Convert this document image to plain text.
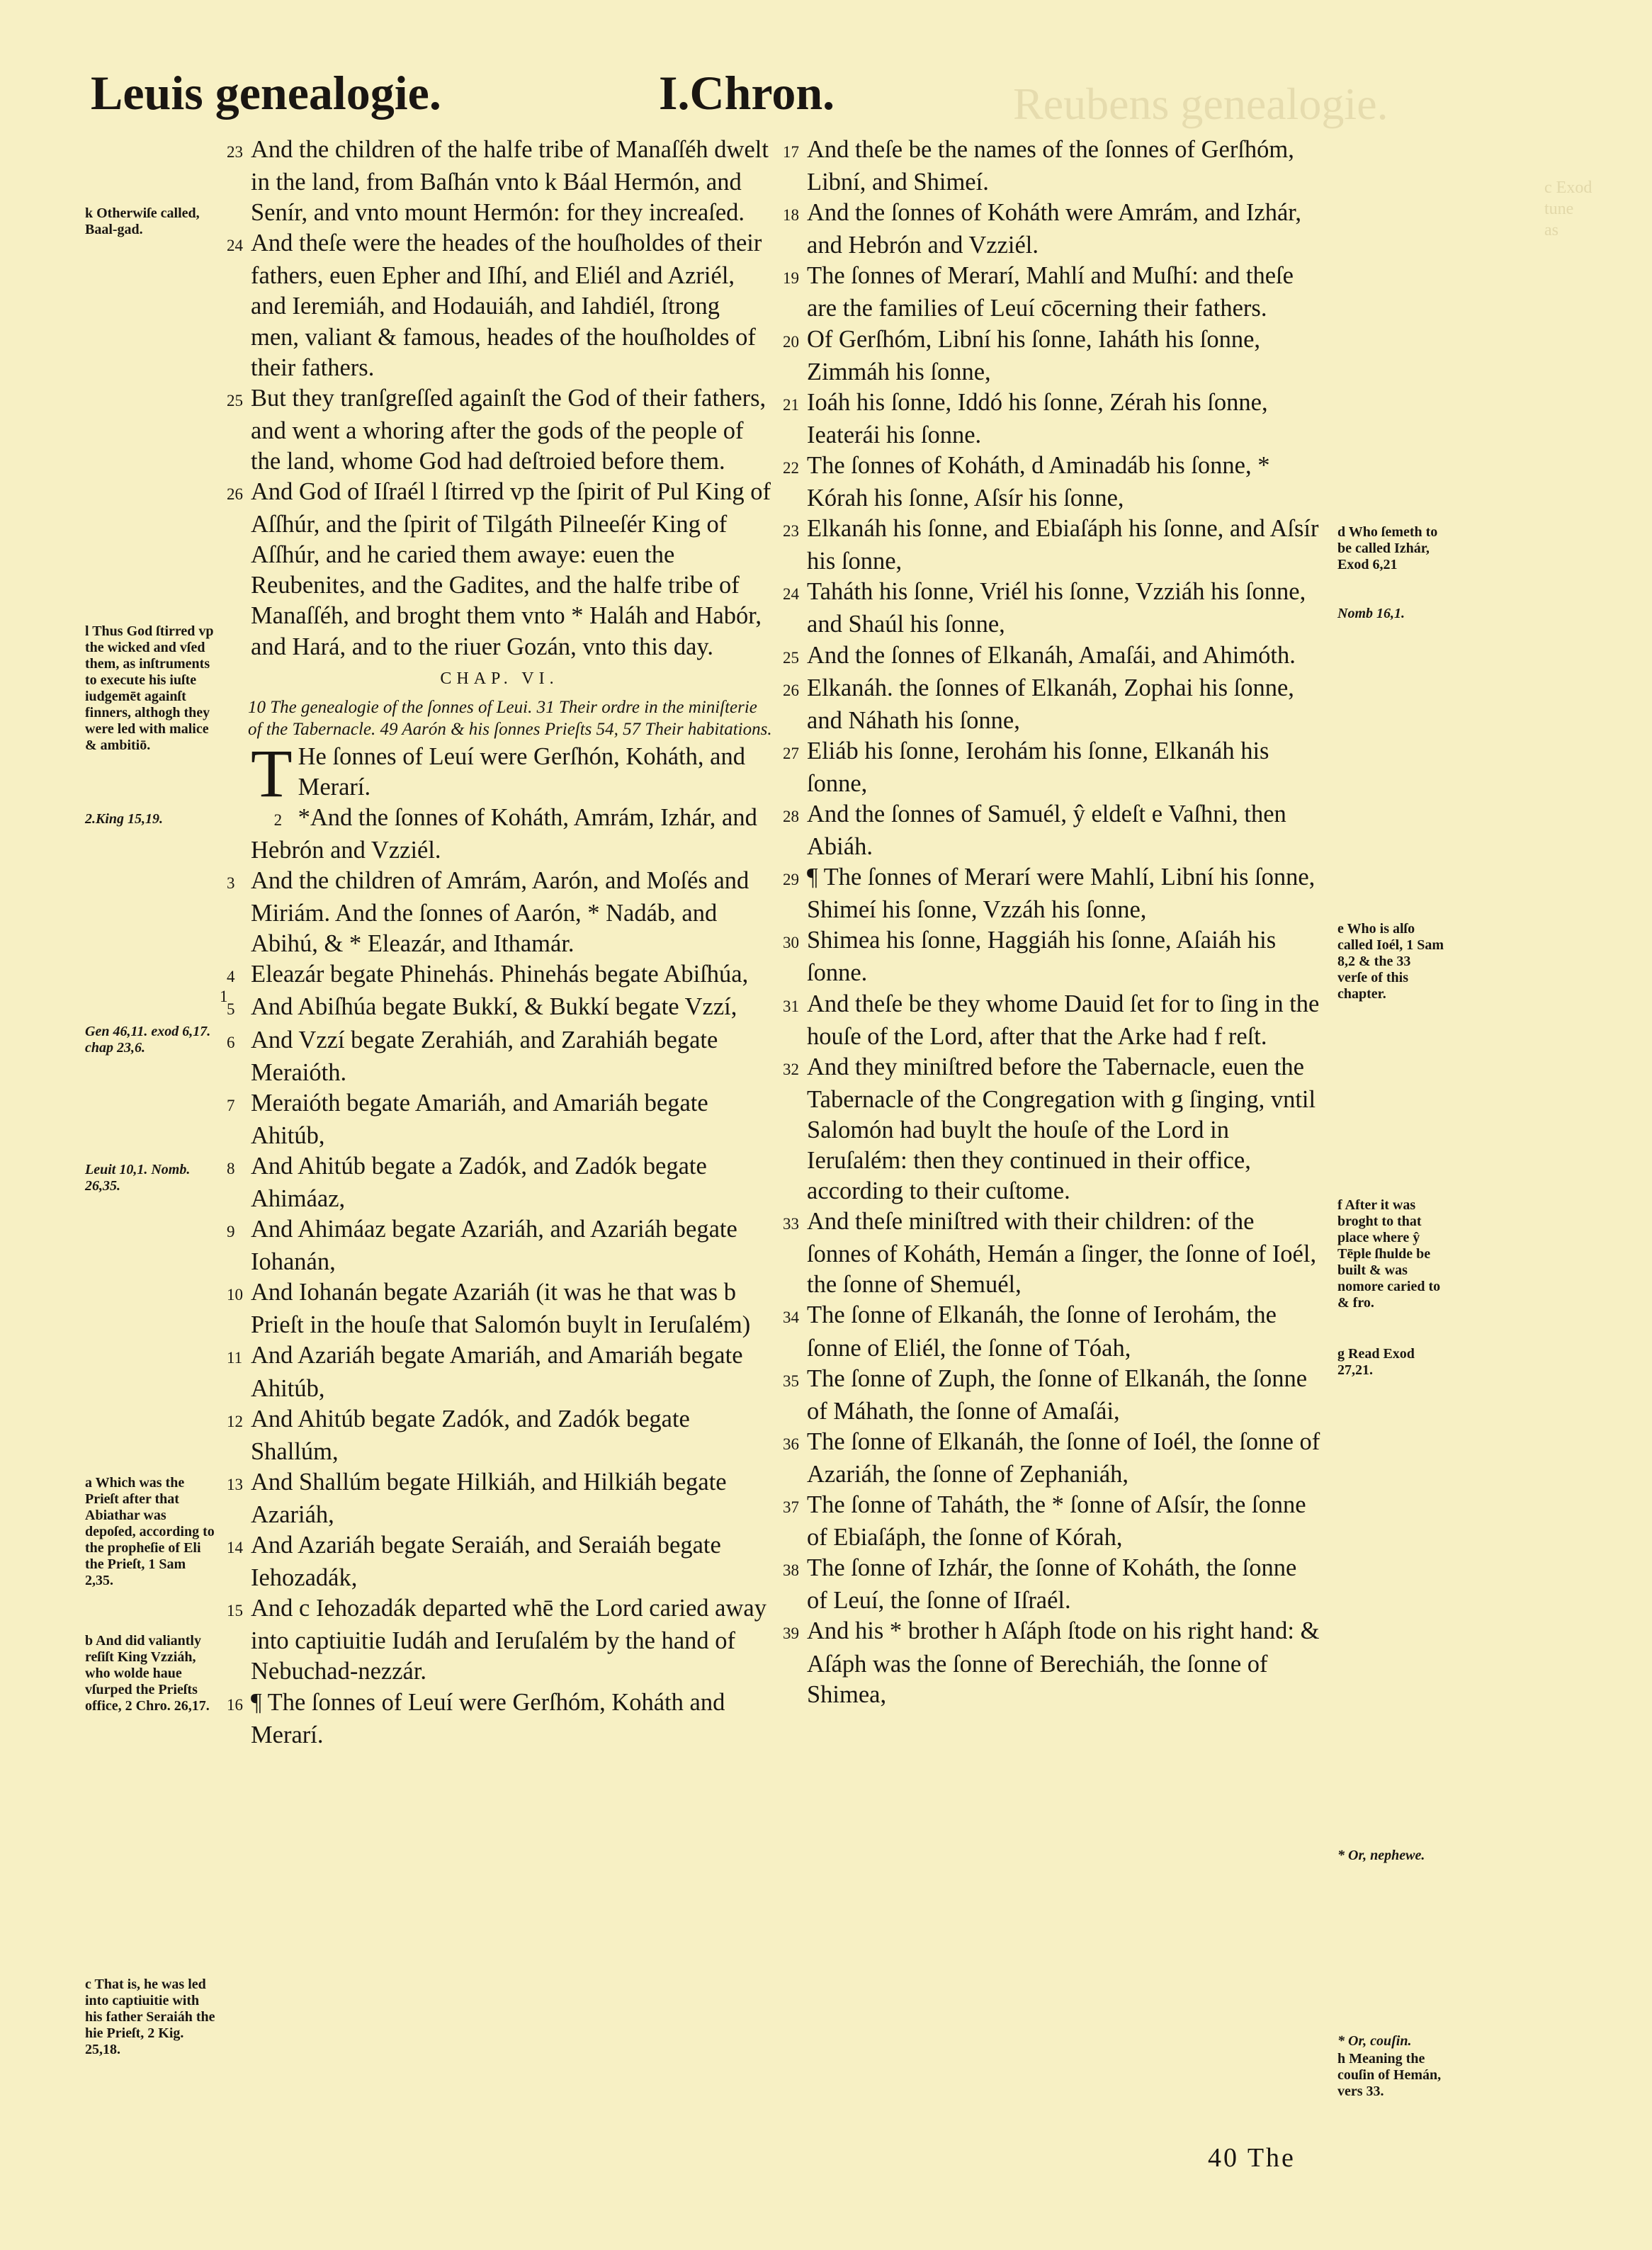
Reubens genealogie.
c Exod
tune
as
Leuis genealogie.	I.Chron.

23 And the children of the halfe tribe of Manaſſéh dwelt in the land, from Baſhán vnto k Báal Hermón, and Senír, and vnto mount Hermón: for they increaſed.

24 And theſe were the heades of the houſholdes of their fathers, euen Epher and Iſhí, and Eliél and Azriél, and Ieremiáh, and Hodauiáh, and Iahdiél, ſtrong men, valiant & famous, heades of the houſholdes of their fathers.

25 But they tranſgreſſed againſt the God of their fathers, and went a whoring after the gods of the people of the land, whome God had deſtroied before them.

26 And God of Iſraél l ſtirred vp the ſpirit of Pul King of Aſſhúr, and the ſpirit of Tilgáth Pilneeſér King of Aſſhúr, and he caried them awaye: euen the Reubenites, and the Gadites, and the halfe tribe of Manaſſéh, and broght them vnto * Haláh and Habór, and Hará, and to the riuer Gozán, vnto this day.

CHAP. VI.

10 The genealogie of the ſonnes of Leui. 31 Their ordre in the miniſterie of the Tabernacle. 49 Aarón & his ſonnes Prieſts 54, 57 Their habitations.

T He ſonnes of Leuí were Gerſhón, Koháth, and Merarí.

1

2 *And the ſonnes of Koháth, Amrám, Izhár, and Hebrón and Vzziél.

3 And the children of Amrám, Aarón, and Moſés and Miriám. And the ſonnes of Aarón, * Nadáb, and Abihú, & * Eleazár, and Ithamár.

4 Eleazár begate Phinehás. Phinehás begate Abiſhúa,

5 And Abiſhúa begate Bukkí, & Bukkí begate Vzzí,

6 And Vzzí begate Zerahiáh, and Zarahiáh begate Meraióth.

7 Meraióth begate Amariáh, and Amariáh begate Ahitúb,

8 And Ahitúb begate a Zadók, and Zadók begate Ahimáaz,

9 And Ahimáaz begate Azariáh, and Azariáh begate Iohanán,

10 And Iohanán begate Azariáh (it was he that was b Prieſt in the houſe that Salomón buylt in Ieruſalém)

11 And Azariáh begate Amariáh, and Amariáh begate Ahitúb,

12 And Ahitúb begate Zadók, and Zadók begate Shallúm,

13 And Shallúm begate Hilkiáh, and Hilkiáh begate Azariáh,

14 And Azariáh begate Seraiáh, and Seraiáh begate Iehozadák,

15 And c Iehozadák departed whē the Lord caried away into captiuitie Iudáh and Ieruſalém by the hand of Nebuchad-nezzár.

16 ¶ The ſonnes of Leuí were Gerſhóm, Koháth and Merarí.

17 And theſe be the names of the ſonnes of Gerſhóm, Libní, and Shimeí.

18 And the ſonnes of Koháth were Amrám, and Izhár, and Hebrón and Vzziél.

19 The ſonnes of Merarí, Mahlí and Muſhí: and theſe are the families of Leuí cōcerning their fathers.

20 Of Gerſhóm, Libní his ſonne, Iaháth his ſonne, Zimmáh his ſonne,

21 Ioáh his ſonne, Iddó his ſonne, Zérah his ſonne, Ieaterái his ſonne.

22 The ſonnes of Koháth, d Aminadáb his ſonne, * Kórah his ſonne, Aſsír his ſonne,

23 Elkanáh his ſonne, and Ebiaſáph his ſonne, and Aſsír his ſonne,

24 Taháth his ſonne, Vriél his ſonne, Vzziáh his ſonne, and Shaúl his ſonne,

25 And the ſonnes of Elkanáh, Amaſái, and Ahimóth.

26 Elkanáh. the ſonnes of Elkanáh, Zophai his ſonne, and Náhath his ſonne,

27 Eliáb his ſonne, Ierohám his ſonne, Elkanáh his ſonne,

28 And the ſonnes of Samuél, ŷ eldeſt e Vaſhni, then Abiáh.

29 ¶ The ſonnes of Merarí were Mahlí, Libní his ſonne, Shimeí his ſonne, Vzzáh his ſonne,

30 Shimea his ſonne, Haggiáh his ſonne, Aſaiáh his ſonne.

31 And theſe be they whome Dauid ſet for to ſing in the houſe of the Lord, after that the Arke had f reſt.

32 And they miniſtred before the Tabernacle, euen the Tabernacle of the Congregation with g ſinging, vntil Salomón had buylt the houſe of the Lord in Ieruſalém: then they continued in their office, according to their cuſtome.

33 And theſe miniſtred with their children: of the ſonnes of Koháth, Hemán a ſinger, the ſonne of Ioél, the ſonne of Shemuél,

34 The ſonne of Elkanáh, the ſonne of Ierohám, the ſonne of Eliél, the ſonne of Tóah,

35 The ſonne of Zuph, the ſonne of Elkanáh, the ſonne of Máhath, the ſonne of Amaſái,

36 The ſonne of Elkanáh, the ſonne of Ioél, the ſonne of Azariáh, the ſonne of Zephaniáh,

37 The ſonne of Taháth, the * ſonne of Aſsír, the ſonne of Ebiaſáph, the ſonne of Kórah,

38 The ſonne of Izhár, the ſonne of Koháth, the ſonne of Leuí, the ſonne of Iſraél.

39 And his * brother h Aſáph ſtode on his right hand: & Aſáph was the ſonne of Berechiáh, the ſonne of Shimea,

k Otherwiſe called, Baal-gad.
l Thus God ſtirred vp the wicked and vſed them, as inſtruments to execute his iuſte iudgemēt againſt finners, althogh they were led with malice & ambitiō.
2.King 15,19.
Gen 46,11. exod 6,17. chap 23,6.
Leuit 10,1. Nomb. 26,35.
a Which was the Prieſt after that Abiathar was depoſed, according to the propheſie of Eli the Prieſt, 1 Sam 2,35.
b And did valiantly reſiſt King Vzziáh, who wolde haue vſurped the Prieſts office, 2 Chro. 26,17.
c That is, he was led into captiuitie with his father Seraiáh the hie Prieſt, 2 Kig. 25,18.
d Who ſemeth to be called Izhár, Exod 6,21
Nomb 16,1.
e Who is alſo called Ioél, 1 Sam 8,2 & the 33 verſe of this chapter.
f After it was broght to that place where ŷ Tēple ſhulde be built & was nomore caried to & fro.
g Read Exod 27,21.
* Or, nephewe.
* Or, couſin.
h Meaning the couſin of Hemán, vers 33.
40 The
